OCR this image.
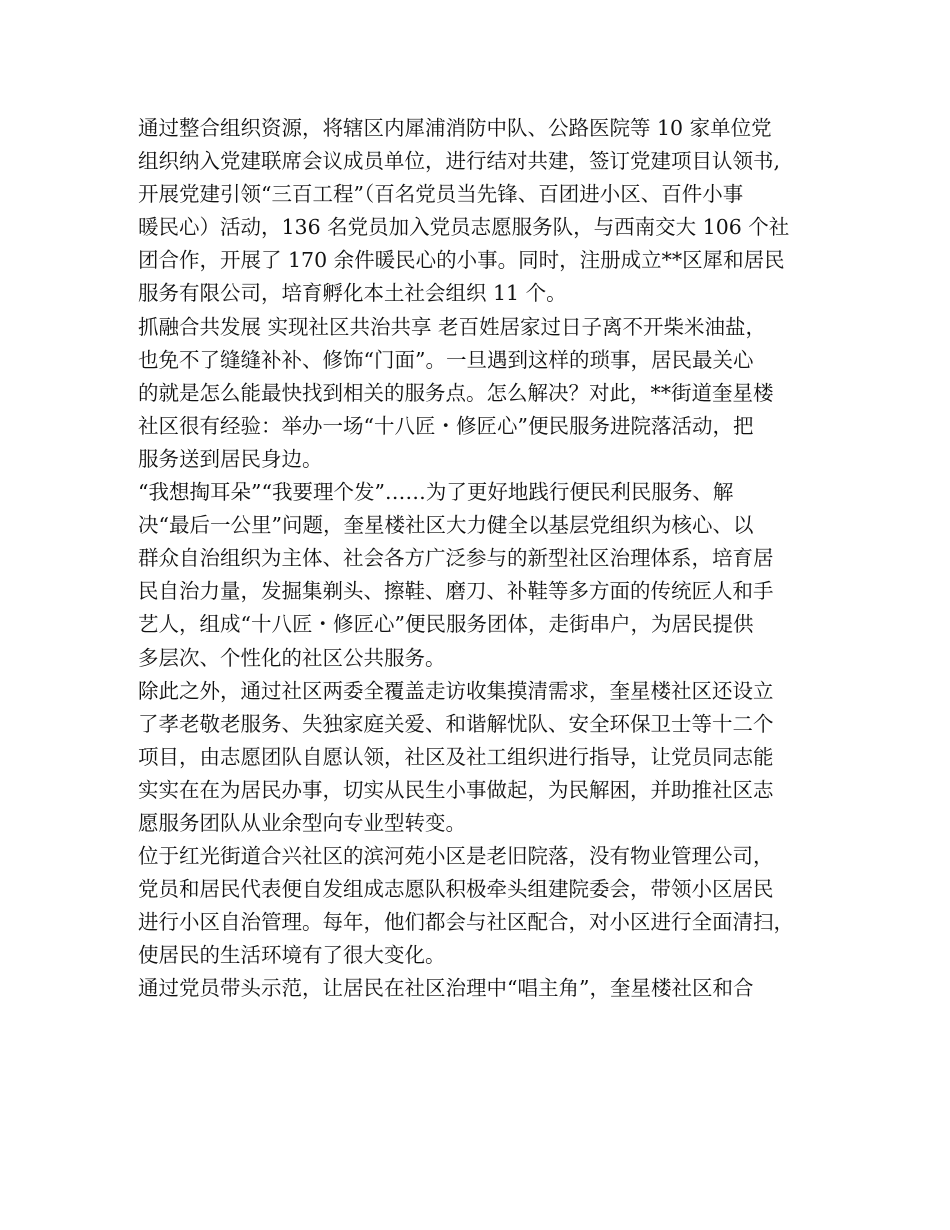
通过整合组织资源，将辖区内犀浦消防中队、公路医院等 10 家单位党
组织纳入党建联席会议成员单位，进行结对共建，签订党建项目认领书,
开展党建引领“三百工程”（百名党员当先锋、百团进小区、百件小事
暖民心）活动，136 名党员加入党员志愿服务队，与西南交大 106 个社
团合作，开展了 170 余件暖民心的小事。同时，注册成立**区犀和居民
服务有限公司，培育孵化本土社会组织 11 个。
抓融合共发展 实现社区共治共享 老百姓居家过日子离不开柴米油盐，
也免不了缝缝补补、修饰“门面”。一旦遇到这样的琐事，居民最关心
的就是怎么能最快找到相关的服务点。怎么解决？对此，**街道奎星楼
社区很有经验：举办一场“十八匠・修匠心”便民服务进院落活动，把
服务送到居民身边。
“我想掏耳朵”“我要理个发”……为了更好地践行便民利民服务、解
决“最后一公里”问题，奎星楼社区大力健全以基层党组织为核心、以
群众自治组织为主体、社会各方广泛参与的新型社区治理体系，培育居
民自治力量，发掘集剃头、擦鞋、磨刀、补鞋等多方面的传统匠人和手
艺人，组成“十八匠・修匠心”便民服务团体，走街串户，为居民提供
多层次、个性化的社区公共服务。
除此之外，通过社区两委全覆盖走访收集摸清需求，奎星楼社区还设立
了孝老敬老服务、失独家庭关爱、和谐解忧队、安全环保卫士等十二个
项目，由志愿团队自愿认领，社区及社工组织进行指导，让党员同志能
实实在在为居民办事，切实从民生小事做起，为民解困，并助推社区志
愿服务团队从业余型向专业型转变。
位于红光街道合兴社区的滨河苑小区是老旧院落，没有物业管理公司，
党员和居民代表便自发组成志愿队积极牵头组建院委会，带领小区居民
进行小区自治管理。每年，他们都会与社区配合，对小区进行全面清扫，
使居民的生活环境有了很大变化。
通过党员带头示范，让居民在社区治理中“唱主角”，奎星楼社区和合
